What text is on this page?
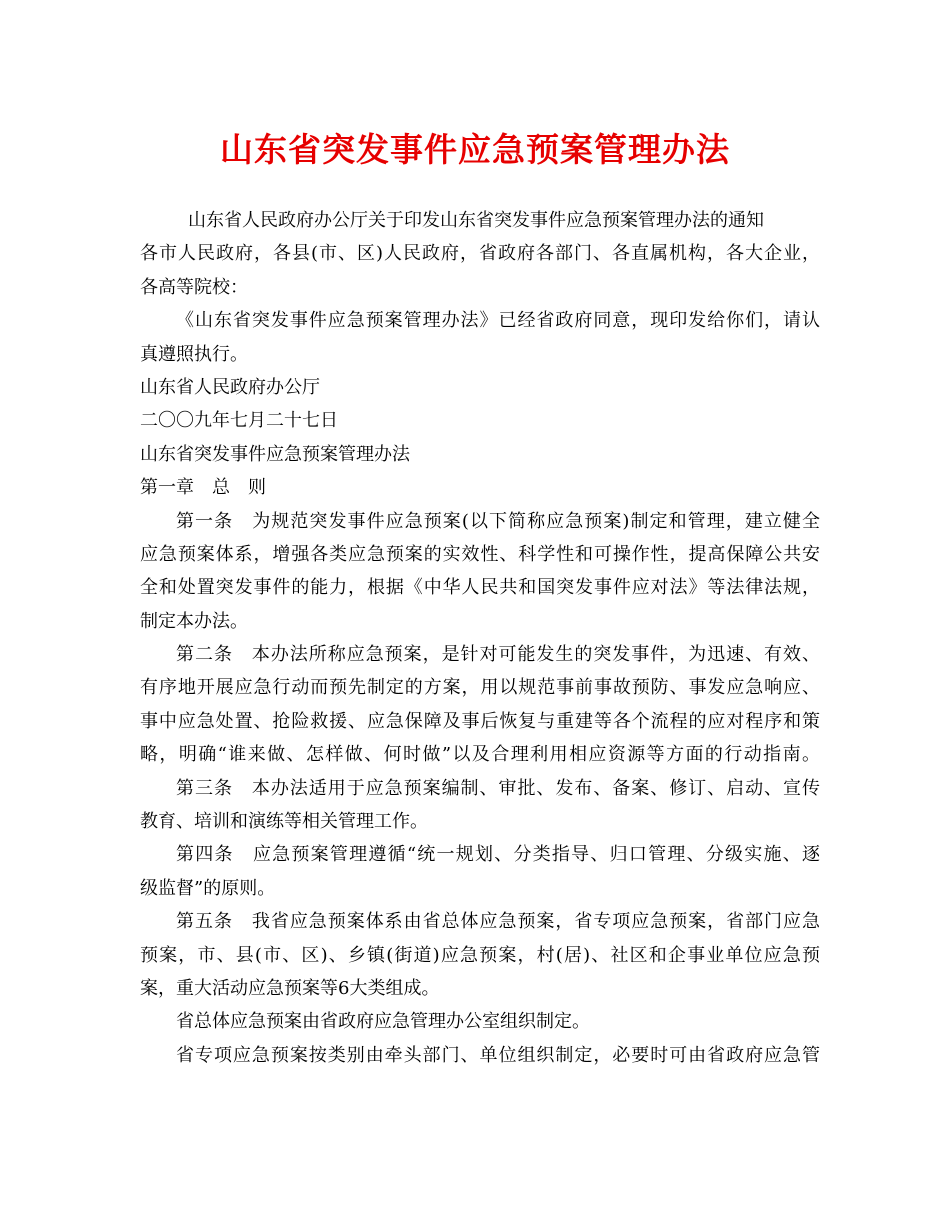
山东省突发事件应急预案管理办法
山东省人民政府办公厅关于印发山东省突发事件应急预案管理办法的通知
各市人民政府，各县(市、区)人民政府，省政府各部门、各直属机构，各大企业，
各高等院校：
《山东省突发事件应急预案管理办法》已经省政府同意，现印发给你们，请认
真遵照执行。
山东省人民政府办公厅
二〇〇九年七月二十七日
山东省突发事件应急预案管理办法
第一章　总　则
第一条　为规范突发事件应急预案(以下简称应急预案)制定和管理，建立健全
应急预案体系，增强各类应急预案的实效性、科学性和可操作性，提高保障公共安
全和处置突发事件的能力，根据《中华人民共和国突发事件应对法》等法律法规，
制定本办法。
第二条　本办法所称应急预案，是针对可能发生的突发事件，为迅速、有效、
有序地开展应急行动而预先制定的方案，用以规范事前事故预防、事发应急响应、
事中应急处置、抢险救援、应急保障及事后恢复与重建等各个流程的应对程序和策
略，明确“谁来做、怎样做、何时做”以及合理利用相应资源等方面的行动指南。
第三条　本办法适用于应急预案编制、审批、发布、备案、修订、启动、宣传
教育、培训和演练等相关管理工作。
第四条　应急预案管理遵循“统一规划、分类指导、归口管理、分级实施、逐
级监督”的原则。
第五条　我省应急预案体系由省总体应急预案，省专项应急预案，省部门应急
预案，市、县(市、区)、乡镇(街道)应急预案，村(居)、社区和企事业单位应急预
案，重大活动应急预案等6大类组成。
省总体应急预案由省政府应急管理办公室组织制定。
省专项应急预案按类别由牵头部门、单位组织制定，必要时可由省政府应急管
